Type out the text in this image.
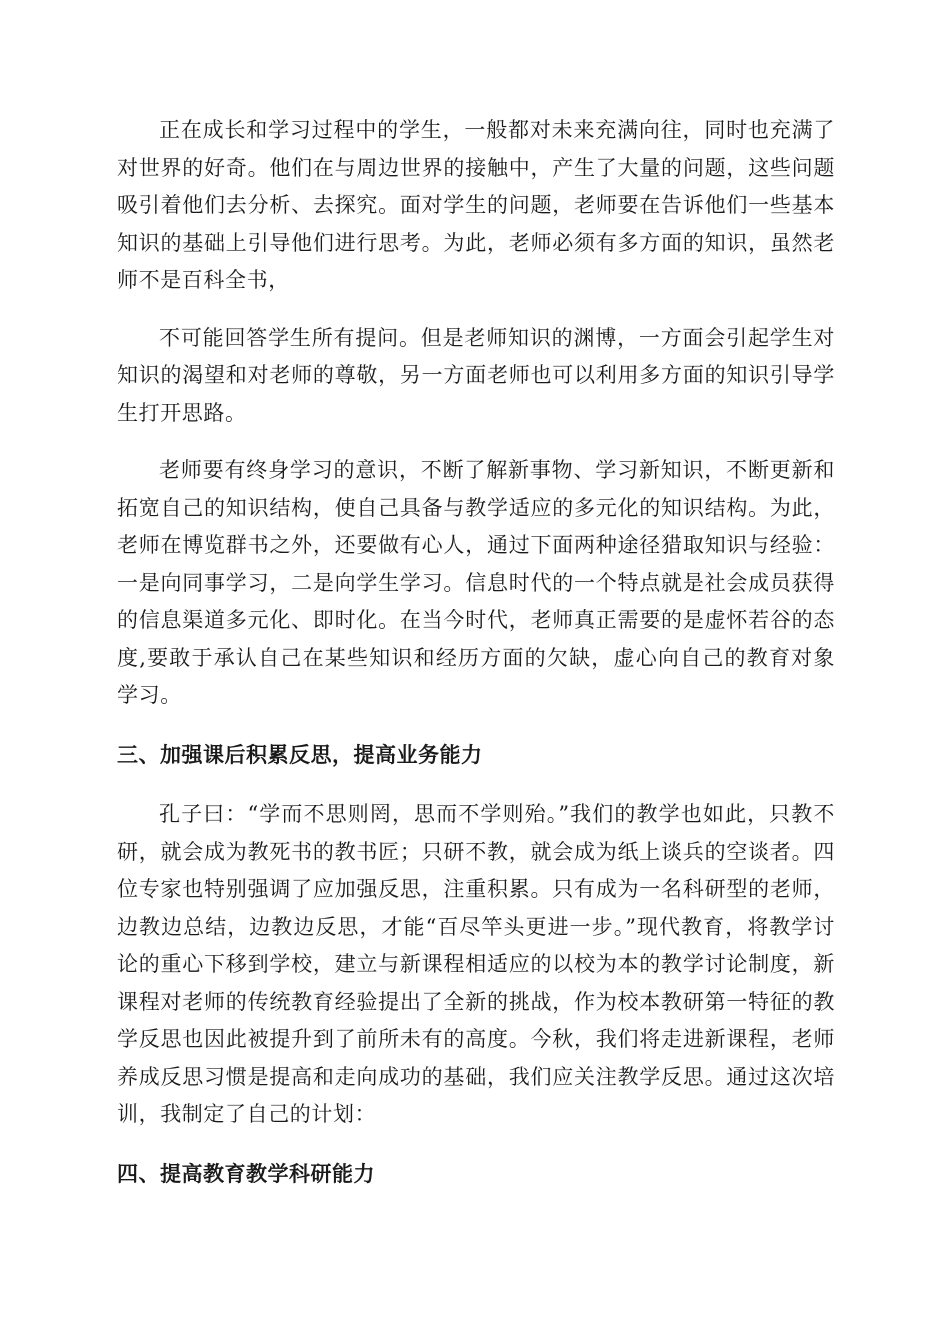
正在成长和学习过程中的学生，一般都对未来充满向往，同时也充满了对世界的好奇。他们在与周边世界的接触中，产生了大量的问题，这些问题吸引着他们去分析、去探究。面对学生的问题，老师要在告诉他们一些基本知识的基础上引导他们进行思考。为此，老师必须有多方面的知识，虽然老师不是百科全书，

不可能回答学生所有提问。但是老师知识的渊博，一方面会引起学生对知识的渴望和对老师的尊敬，另一方面老师也可以利用多方面的知识引导学生打开思路。

老师要有终身学习的意识，不断了解新事物、学习新知识，不断更新和拓宽自己的知识结构，使自己具备与教学适应的多元化的知识结构。为此，老师在博览群书之外，还要做有心人，通过下面两种途径猎取知识与经验：一是向同事学习，二是向学生学习。信息时代的一个特点就是社会成员获得的信息渠道多元化、即时化。在当今时代，老师真正需要的是虚怀若谷的态度,要敢于承认自己在某些知识和经历方面的欠缺，虚心向自己的教育对象学习。

三、加强课后积累反思，提高业务能力

孔子曰：“学而不思则罔，思而不学则殆。”我们的教学也如此，只教不研，就会成为教死书的教书匠；只研不教，就会成为纸上谈兵的空谈者。四位专家也特别强调了应加强反思，注重积累。只有成为一名科研型的老师，边教边总结，边教边反思，才能“百尽竿头更进一步。”现代教育，将教学讨论的重心下移到学校，建立与新课程相适应的以校为本的教学讨论制度，新课程对老师的传统教育经验提出了全新的挑战，作为校本教研第一特征的教学反思也因此被提升到了前所未有的高度。今秋，我们将走进新课程，老师养成反思习惯是提高和走向成功的基础，我们应关注教学反思。通过这次培训，我制定了自己的计划：

四、提高教育教学科研能力
